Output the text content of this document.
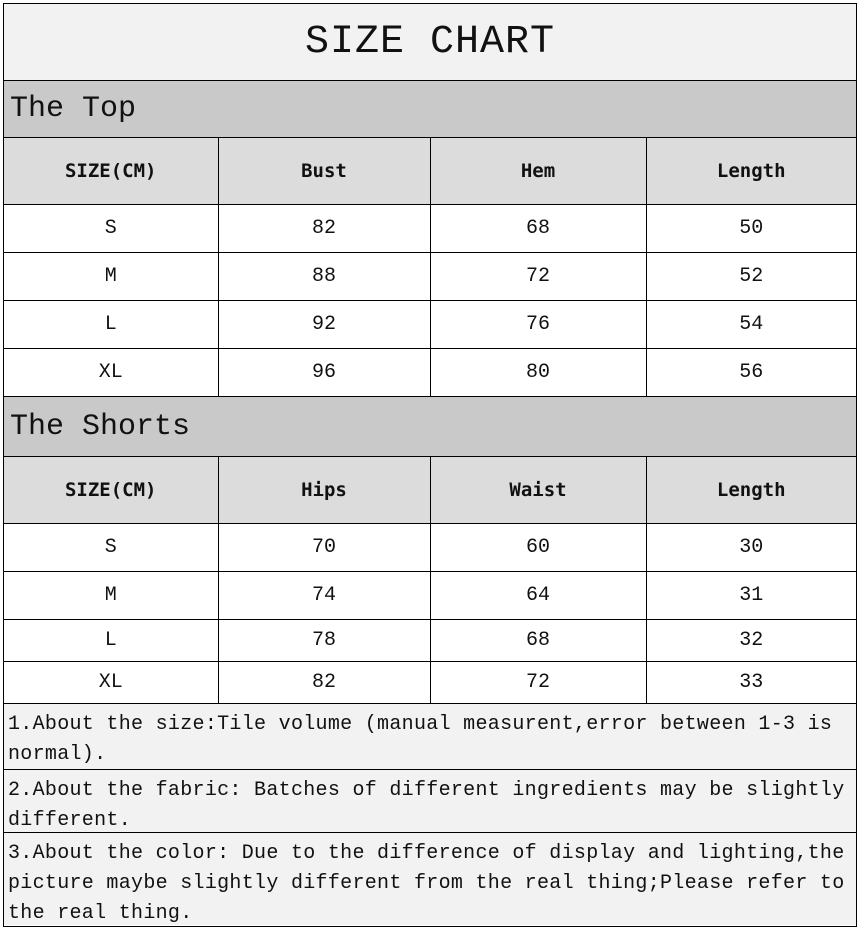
SIZE CHART
The Top
SIZE(CM)	Bust	Hem	Length
S	82	68	50
M	88	72	52
L	92	76	54
XL	96	80	56
The Shorts
SIZE(CM)	Hips	Waist	Length
S	70	60	30
M	74	64	31
L	78	68	32
XL	82	72	33
1.About the size:Tile volume (manual measurent,error between 1-3 is normal).
2.About the fabric: Batches of different ingredients may be slightly different.
3.About the color: Due to the difference of display and lighting,the picture maybe slightly different from the real thing;Please refer to the real thing.
